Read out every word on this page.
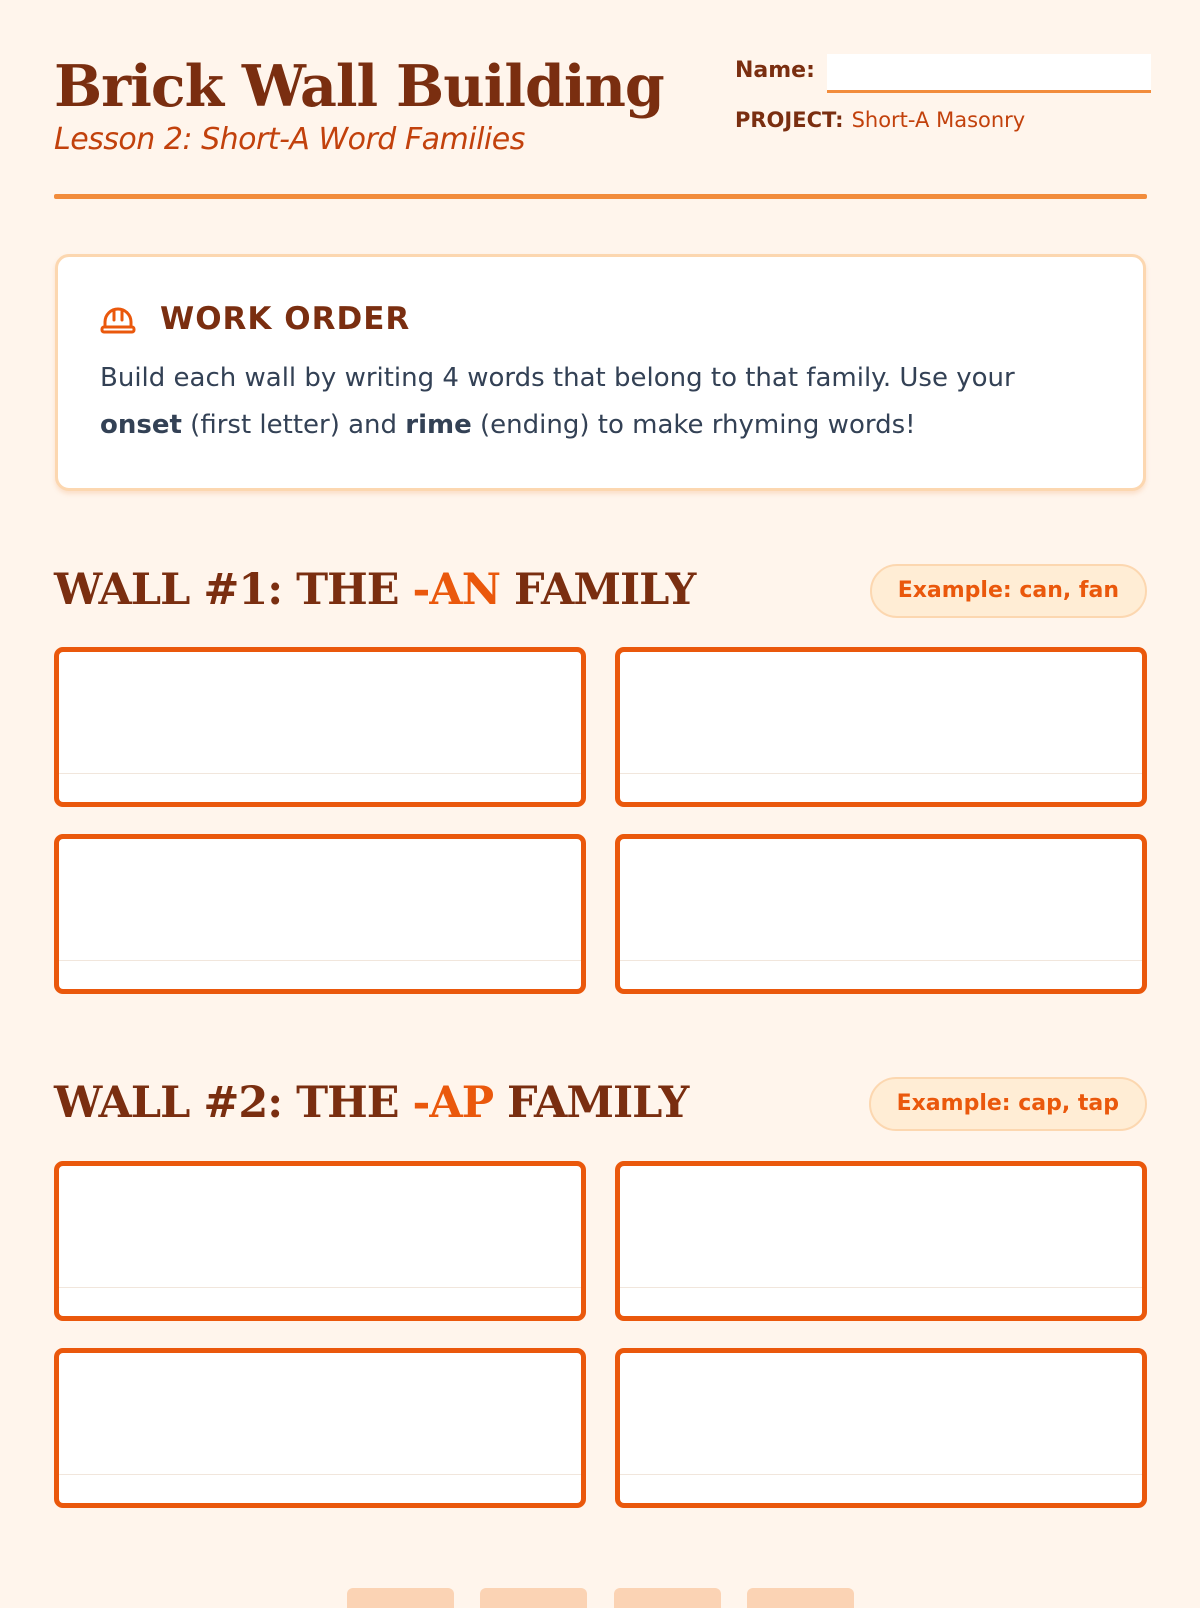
Brick Wall Building
Lesson 2: Short-A Word Families
Name:
PROJECT: Short-A Masonry
WORK ORDER

Build each wall by writing 4 words that belong to that family. Use your
onset (first letter) and rime (ending) to make rhyming words!

WALL #1: THE -AN FAMILY	Example: can, fan
WALL #2: THE -AP FAMILY	Example: cap, tap
